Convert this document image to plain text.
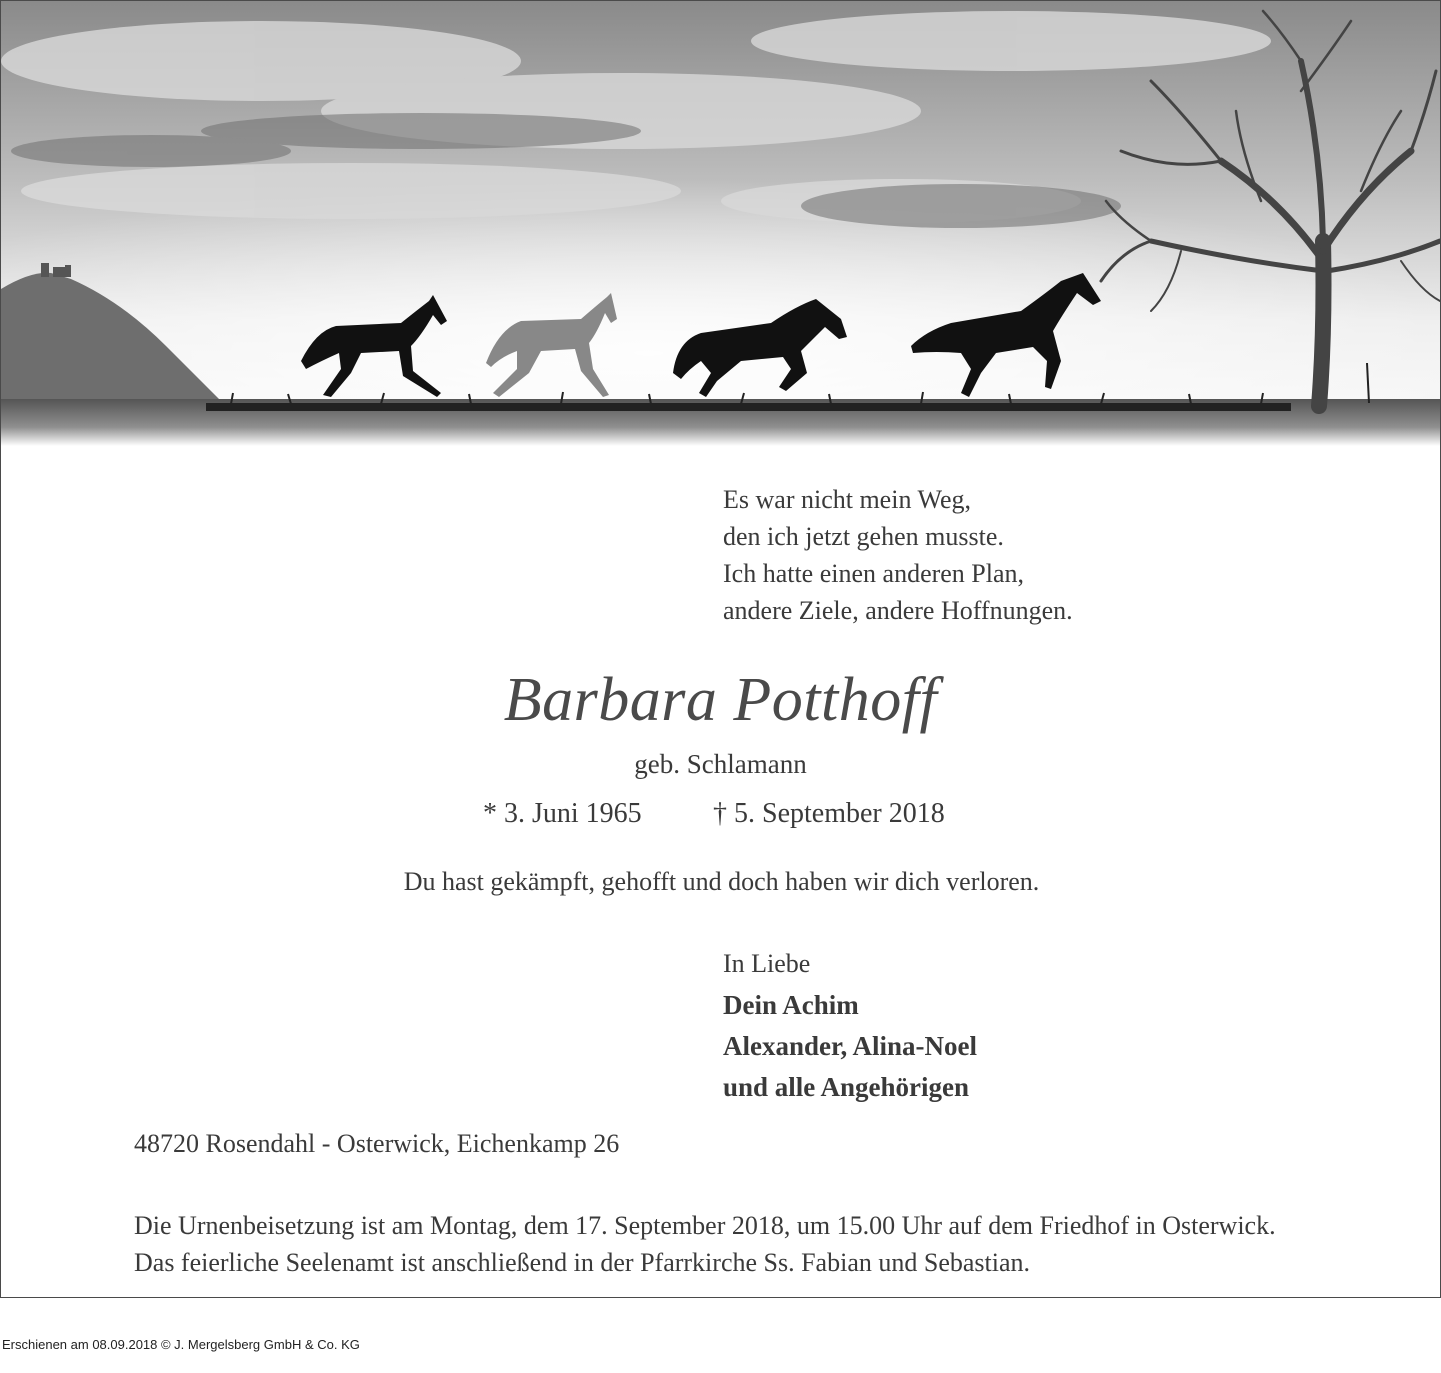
Es war nicht mein Weg,
den ich jetzt gehen musste.
Ich hatte einen anderen Plan,
andere Ziele, andere Hoffnungen.
Barbara Potthoff
geb. Schlamann
* 3. Juni 1965	† 5. September 2018
Du hast gekämpft, gehofft und doch haben wir dich verloren.
In Liebe
Dein Achim
Alexander, Alina-Noel
und alle Angehörigen
48720 Rosendahl - Osterwick, Eichenkamp 26
Die Urnenbeisetzung ist am Montag, dem 17. September 2018, um 15.00 Uhr auf dem Friedhof in Osterwick.
Das feierliche Seelenamt ist anschließend in der Pfarrkirche Ss. Fabian und Sebastian.
Erschienen am 08.09.2018 © J. Mergelsberg GmbH & Co. KG
